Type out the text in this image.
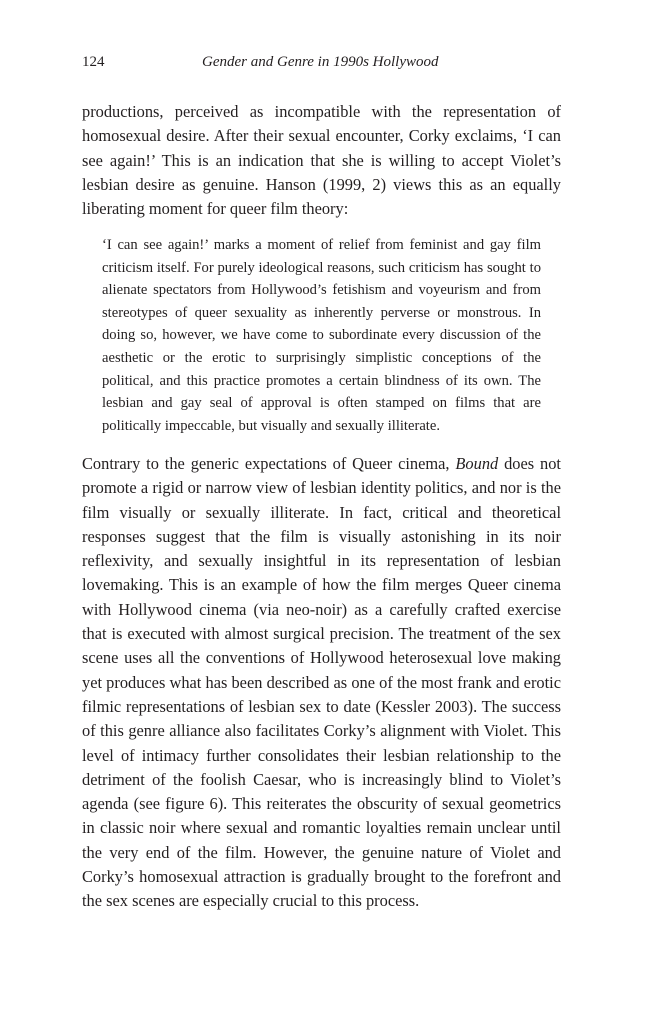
124	Gender and Genre in 1990s Hollywood

productions, perceived as incompatible with the representation of homosexual desire. After their sexual encounter, Corky exclaims, ‘I can see again!’ This is an indication that she is willing to accept Violet’s lesbian desire as genuine. Hanson (1999, 2) views this as an equally liberating moment for queer film theory:

‘I can see again!’ marks a moment of relief from feminist and gay film criticism itself. For purely ideological reasons, such criticism has sought to alienate spectators from Hollywood’s fetishism and voyeurism and from stereotypes of queer sexuality as inherently perverse or monstrous. In doing so, however, we have come to subordinate every discussion of the aesthetic or the erotic to surprisingly simplistic conceptions of the political, and this practice promotes a certain blindness of its own. The lesbian and gay seal of approval is often stamped on films that are politically impeccable, but visually and sexually illiterate.

Contrary to the generic expectations of Queer cinema, Bound does not promote a rigid or narrow view of lesbian identity politics, and nor is the film visually or sexually illiterate. In fact, critical and theoretical responses suggest that the film is visually astonishing in its noir reflexivity, and sexually insightful in its representation of lesbian lovemaking. This is an example of how the film merges Queer cinema with Hollywood cinema (via neo-noir) as a carefully crafted exercise that is executed with almost surgical precision. The treatment of the sex scene uses all the conventions of Hollywood heterosexual love making yet produces what has been described as one of the most frank and erotic filmic representations of lesbian sex to date (Kessler 2003). The success of this genre alliance also facilitates Corky’s alignment with Violet. This level of intimacy further consolidates their lesbian relationship to the detriment of the foolish Caesar, who is increasingly blind to Violet’s agenda (see figure 6). This reiterates the obscurity of sexual geometrics in classic noir where sexual and romantic loyalties remain unclear until the very end of the film. However, the genuine nature of Violet and Corky’s homosexual attraction is gradually brought to the forefront and the sex scenes are especially crucial to this process.
